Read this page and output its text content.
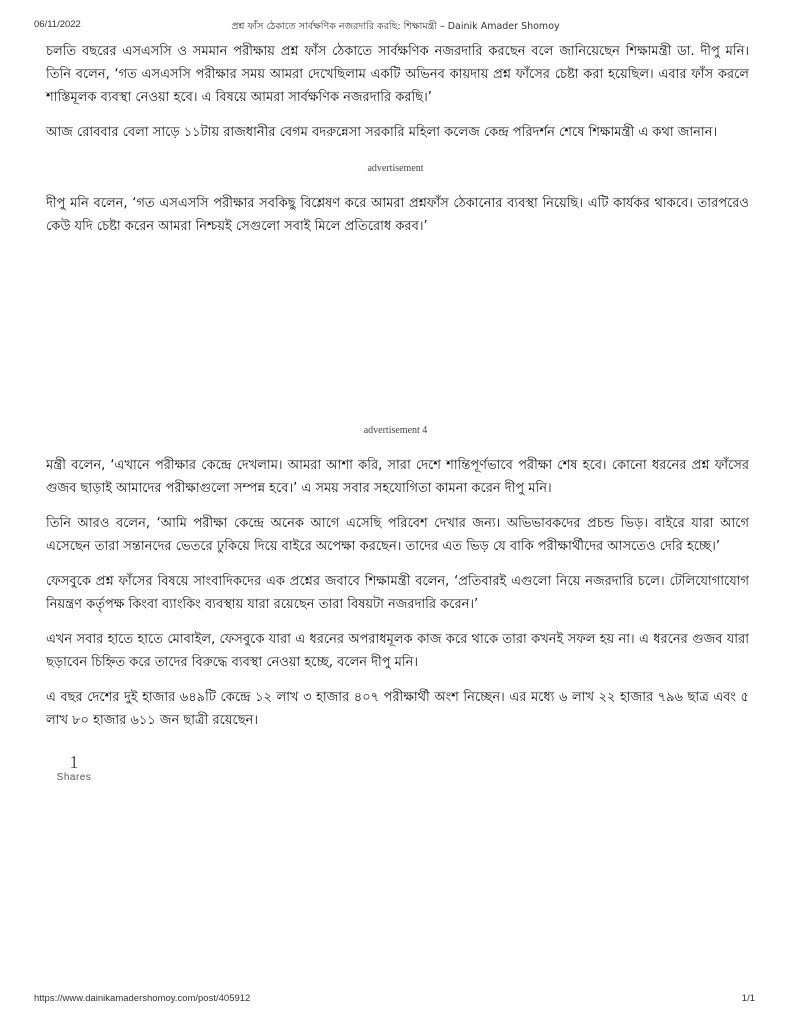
06/11/2022	প্রশ্ন ফাঁস ঠেকাতে সার্বক্ষণিক নজরদারি করছি: শিক্ষামন্ত্রী – Dainik Amader Shomoy

চলতি বছরের এসএসসি ও সমমান পরীক্ষায় প্রশ্ন ফাঁস ঠেকাতে সার্বক্ষণিক নজরদারি করছেন বলে জানিয়েছেন শিক্ষামন্ত্রী ডা. দীপু মনি। তিনি বলেন, ‘গত এসএসসি পরীক্ষার সময় আমরা দেখেছিলাম একটি অভিনব কায়দায় প্রশ্ন ফাঁসের চেষ্টা করা হয়েছিল। এবার ফাঁস করলে শাস্তিমূলক ব্যবস্থা নেওয়া হবে। এ বিষয়ে আমরা সার্বক্ষণিক নজরদারি করছি।’

আজ রোববার বেলা সাড়ে ১১টায় রাজধানীর বেগম বদরুন্নেসা সরকারি মহিলা কলেজ কেন্দ্র পরিদর্শন শেষে শিক্ষামন্ত্রী এ কথা জানান।

advertisement

দীপু মনি বলেন, ‘গত এসএসসি পরীক্ষার সবকিছু বিশ্লেষণ করে আমরা প্রশ্নফাঁস ঠেকানোর ব্যবস্থা নিয়েছি। এটি কার্যকর থাকবে। তারপরেও কেউ যদি চেষ্টা করেন আমরা নিশ্চয়ই সেগুলো সবাই মিলে প্রতিরোধ করব।’

advertisement 4

মন্ত্রী বলেন, ‘এখানে পরীক্ষার কেন্দ্রে দেখলাম। আমরা আশা করি, সারা দেশে শান্তিপূর্ণভাবে পরীক্ষা শেষ হবে। কোনো ধরনের প্রশ্ন ফাঁসের গুজব ছাড়াই আমাদের পরীক্ষাগুলো সম্পন্ন হবে।’ এ সময় সবার সহযোগিতা কামনা করেন দীপু মনি।

তিনি আরও বলেন, ‘আমি পরীক্ষা কেন্দ্রে অনেক আগে এসেছি পরিবেশ দেখার জন্য। অভিভাবকদের প্রচন্ড ভিড়। বাইরে যারা আগে এসেছেন তারা সন্তানদের ভেতরে ঢুকিয়ে দিয়ে বাইরে অপেক্ষা করছেন। তাদের এত ভিড় যে বাকি পরীক্ষার্থীদের আসতেও দেরি হচ্ছে।’

ফেসবুকে প্রশ্ন ফাঁসের বিষয়ে সাংবাদিকদের এক প্রশ্নের জবাবে শিক্ষামন্ত্রী বলেন, ‘প্রতিবারই এগুলো নিয়ে নজরদারি চলে। টেলিযোগাযোগ নিয়ন্ত্রণ কর্তৃপক্ষ কিংবা ব্যাংকিং ব্যবস্থায় যারা রয়েছেন তারা বিষয়টা নজরদারি করেন।’

এখন সবার হাতে হাতে মোবাইল, ফেসবুকে যারা এ ধরনের অপরাধমূলক কাজ করে থাকে তারা কখনই সফল হয় না। এ ধরনের গুজব যারা ছড়াবেন চিহ্নিত করে তাদের বিরুদ্ধে ব্যবস্থা নেওয়া হচ্ছে, বলেন দীপু মনি।

এ বছর দেশের দুই হাজার ৬৪৯টি কেন্দ্রে ১২ লাখ ৩ হাজার ৪০৭ পরীক্ষার্থী অংশ নিচ্ছেন। এর মধ্যে ৬ লাখ ২২ হাজার ৭৯৬ ছাত্র এবং ৫ লাখ ৮০ হাজার ৬১১ জন ছাত্রী রয়েছেন।

1
Shares
https://www.dainikamadershomoy.com/post/405912	1/1
